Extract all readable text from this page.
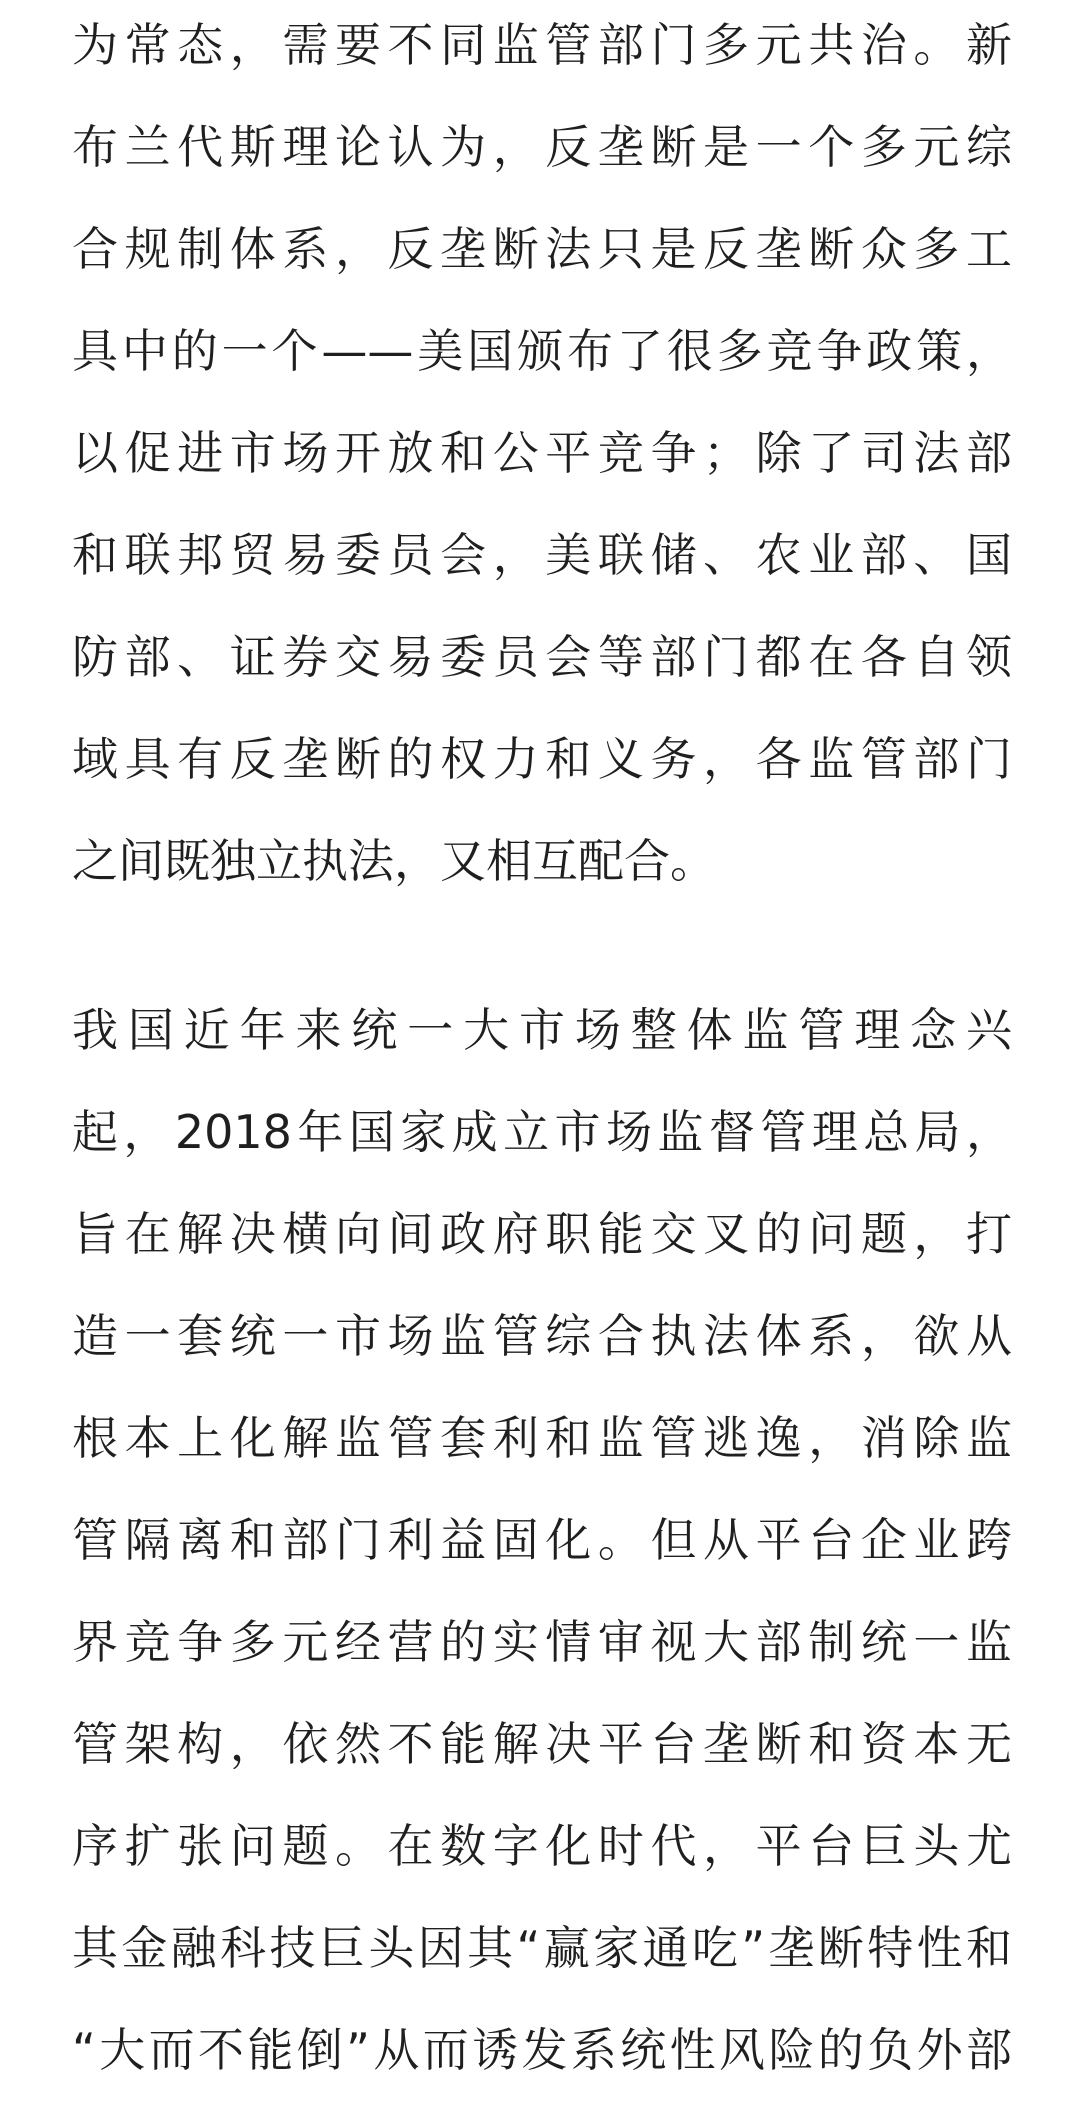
为常态，需要不同监管部门多元共治。新
布兰代斯理论认为，反垄断是一个多元综
合规制体系，反垄断法只是反垄断众多工
具中的一个——美国颁布了很多竞争政策，
以促进市场开放和公平竞争；除了司法部
和联邦贸易委员会，美联储、农业部、国
防部、证券交易委员会等部门都在各自领
域具有反垄断的权力和义务，各监管部门
之间既独立执法，又相互配合。

我国近年来统一大市场整体监管理念兴
起，2018年国家成立市场监督管理总局，
旨在解决横向间政府职能交叉的问题，打
造一套统一市场监管综合执法体系，欲从
根本上化解监管套利和监管逃逸，消除监
管隔离和部门利益固化。但从平台企业跨
界竞争多元经营的实情审视大部制统一监
管架构，依然不能解决平台垄断和资本无
序扩张问题。在数字化时代，平台巨头尤
其金融科技巨头因其“赢家通吃”垄断特性和
“大而不能倒”从而诱发系统性风险的负外部
